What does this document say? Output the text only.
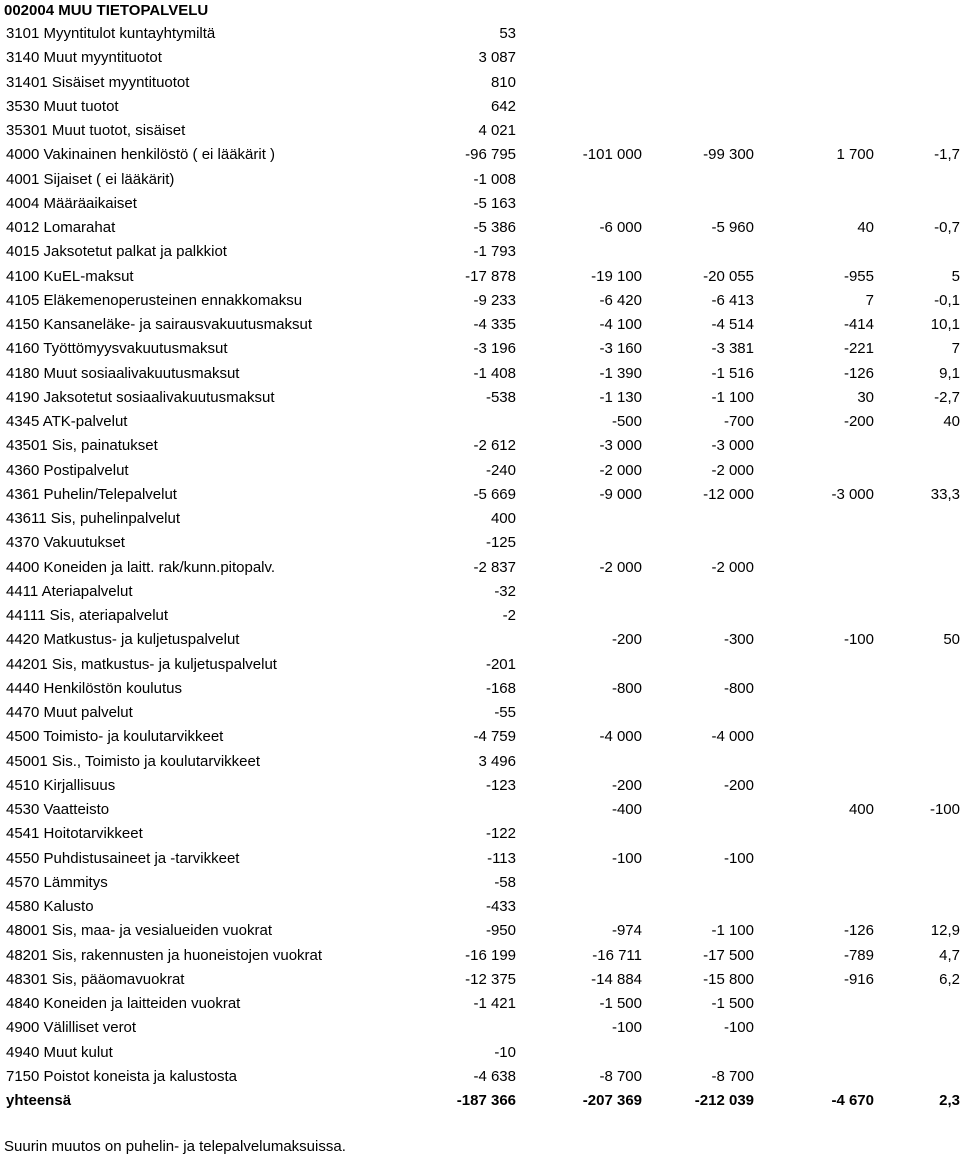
002004 MUU TIETOPALVELU
3101 Myyntitulot kuntayhtymiltä	53				
3140 Muut myyntituotot	3 087				
31401 Sisäiset myyntituotot	810				
3530 Muut tuotot	642				
35301 Muut tuotot, sisäiset	4 021				
4000 Vakinainen henkilöstö ( ei lääkärit )	-96 795	-101 000	-99 300	1 700	-1,7
4001 Sijaiset ( ei lääkärit)	-1 008				
4004 Määräaikaiset	-5 163				
4012 Lomarahat	-5 386	-6 000	-5 960	40	-0,7
4015 Jaksotetut palkat ja palkkiot	-1 793				
4100 KuEL-maksut	-17 878	-19 100	-20 055	-955	5
4105 Eläkemenoperusteinen ennakkomaksu	-9 233	-6 420	-6 413	7	-0,1
4150 Kansaneläke- ja sairausvakuutusmaksut	-4 335	-4 100	-4 514	-414	10,1
4160 Työttömyysvakuutusmaksut	-3 196	-3 160	-3 381	-221	7
4180 Muut sosiaalivakuutusmaksut	-1 408	-1 390	-1 516	-126	9,1
4190 Jaksotetut sosiaalivakuutusmaksut	-538	-1 130	-1 100	30	-2,7
4345 ATK-palvelut		-500	-700	-200	40
43501 Sis, painatukset	-2 612	-3 000	-3 000		
4360 Postipalvelut	-240	-2 000	-2 000		
4361 Puhelin/Telepalvelut	-5 669	-9 000	-12 000	-3 000	33,3
43611 Sis, puhelinpalvelut	400				
4370 Vakuutukset	-125				
4400 Koneiden ja laitt. rak/kunn.pitopalv.	-2 837	-2 000	-2 000		
4411 Ateriapalvelut	-32				
44111 Sis, ateriapalvelut	-2				
4420 Matkustus- ja kuljetuspalvelut		-200	-300	-100	50
44201 Sis, matkustus- ja kuljetuspalvelut	-201				
4440 Henkilöstön koulutus	-168	-800	-800		
4470 Muut palvelut	-55				
4500 Toimisto- ja koulutarvikkeet	-4 759	-4 000	-4 000		
45001 Sis., Toimisto ja koulutarvikkeet	3 496				
4510 Kirjallisuus	-123	-200	-200		
4530 Vaatteisto		-400		400	-100
4541 Hoitotarvikkeet	-122				
4550 Puhdistusaineet ja -tarvikkeet	-113	-100	-100		
4570 Lämmitys	-58				
4580 Kalusto	-433				
48001 Sis, maa- ja vesialueiden vuokrat	-950	-974	-1 100	-126	12,9
48201 Sis, rakennusten ja huoneistojen vuokrat	-16 199	-16 711	-17 500	-789	4,7
48301 Sis, pääomavuokrat	-12 375	-14 884	-15 800	-916	6,2
4840 Koneiden ja laitteiden vuokrat	-1 421	-1 500	-1 500		
4900 Välilliset verot		-100	-100		
4940 Muut kulut	-10				
7150 Poistot koneista ja kalustosta	-4 638	-8 700	-8 700		
yhteensä	-187 366	-207 369	-212 039	-4 670	2,3
Suurin muutos on puhelin- ja telepalvelumaksuissa.
